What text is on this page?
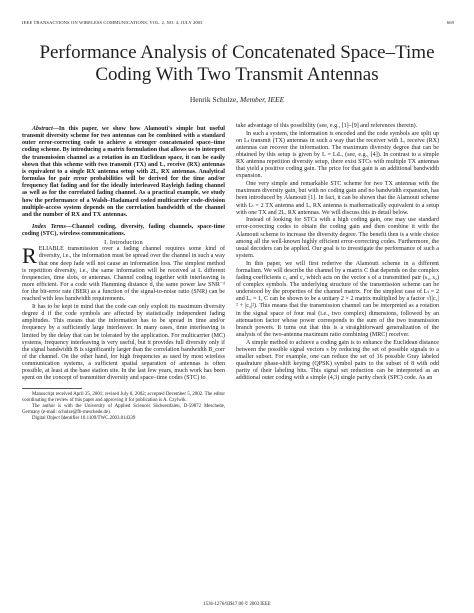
IEEE TRANSACTIONS ON WIRELESS COMMUNICATIONS, VOL. 2, NO. 4, JULY 2003	669
Performance Analysis of Concatenated Space–Time
Coding With Two Transmit Antennas
Henrik Schulze, Member, IEEE

Abstract—In this paper, we show how Alamouti's simple but useful transmit diversity scheme for two antennas can be combined with a standard outer error-correcting code to achieve a stronger concatenated space–time coding scheme. By introducing a matrix formulation that allows us to interpret the transmission channel as a rotation in an Euclidean space, it can be easily shown that this scheme with two transmit (TX) and Lᵣ receive (RX) antennas is equivalent to a single RX antenna setup with 2Lᵣ RX antennas. Analytical formulas for pair error probabilities will be derived for the time and/or frequency flat fading and for the ideally interleaved Rayleigh fading channel as well as for the correlated fading channel. As a practical example, we study how the performance of a Walsh–Hadamard coded multicarrier code-division multiple-access system depends on the correlation bandwidth of the channel and the number of RX and TX antennas.

Index Terms—Channel coding, diversity, fading channels, space-time coding (STC), wireless communications.

I. Introduction

RELIABLE transmission over a fading channel requires some kind of diversity, i.e., the information must be spread over the channel in such a way that one deep fade will not cause an information loss. The simplest method is repetition diversity, i.e., the same information will be received at L different frequencies, time slots, or antennas. Channel coding together with interleaving is more efficient. For a code with Hamming distance d, the same power law SNR⁻ᵈ for the bit-error rate (BER) as a function of the signal-to-noise ratio (SNR) can be reached with less bandwidth requirements.

It has to be kept in mind that the code can only exploit its maximum diversity degree d if the code symbols are affected by statistically independent fading amplitudes. This means that the information has to be spread in time and/or frequency by a sufficiently large interleaver. In many cases, time interleaving is limited by the delay that can be tolerated by the application. For multicarrier (MC) systems, frequency interleaving is very useful, but it provides full diversity only if the signal bandwidth B is significantly larger than the correlation bandwidth B_corr of the channel. On the other hand, for high frequencies as used by most wireless communication systems, a sufficient spatial separation of antennas is often possible, at least at the base station site. In the last few years, much work has been spent on the concept of transmitter diversity and space–time codes (STC) to

Manuscript received April 25, 2001; revised July 8, 2002; accepted December 5, 2002. The editor coordinating the review of this paper and approving it for publication is A. Czylwik.

The author is with the University of Applied Sciences Südwestfalen, D-59872 Meschede, Germany (e-mail: schulze@fh-meschede.de).

Digital Object Identifier 10.1109/TWC.2003.814339

take advantage of this possibility (see, e.g., [1]–[9] and references therein).

In such a system, the information is encoded and the code symbols are split up on Lₜ transmit (TX) antennas in such a way that the receiver with Lᵣ receive (RX) antennas can recover the information. The maximum diversity degree that can be obtained by this setup is given by L = LₜLᵣ (see, e.g., [4]). In contrast to a simple RX antenna repetition diversity setup, there exist STCs with multiple TX antennas that yield a positive coding gain. The price for that gain is an additional bandwidth expansion.

One very simple and remarkable STC scheme for two TX antennas with the maximum diversity gain, but with no coding gain and no bandwidth expansion, has been introduced by Alamouti [1]. In fact, it can be shown that the Alamouti scheme with Lₜ = 2 TX antenna and Lᵣ RX antenna is mathematically equivalent to a setup with one TX and 2Lᵣ RX antennas. We will discuss this in detail below.

Instead of looking for STCs with a high coding gain, one may use standard error-correcting codes to obtain the coding gain and then combine it with the Alamouti scheme to increase the diversity degree. The benefit then is a wide choice among all the well-known highly efficient error-correcting codes. Furthermore, the usual decoders can be applied. Our goal is to investigate the performance of such a system.

In this paper, we will first rederive the Alamouti scheme in a different formalism. We will describe the channel by a matrix C that depends on the complex fading coefficients c₁ and c₂ which acts on the vector s of a transmitted pair (s₁, s₂) of complex symbols. The underlying structure of the transmission scheme can be understood by the properties of the channel matrix. For the simplest case of Lₜ = 2 and Lᵣ = 1, C can be shown to be a unitary 2 × 2 matrix multiplied by a factor √(|c₁|² + |c₂|²). This means that the transmission channel can be interpreted as a rotation in the signal space of four real (i.e., two complex) dimensions, followed by an attenuation factor whose power corresponds to the sum of the two transmission branch powers. It turns out that this is a straightforward generalization of the analysis of the two-antenna maximum ratio combining (MRC) receiver.

A simple method to achieve a coding gain is to enhance the Euclidean distance between the possible signal vectors s by reducing the set of possible signals to a smaller subset. For example, one can reduce the set of 16 possible Gray labeled quadrature phase-shift keying (QPSK) symbol pairs to the subset of 8 with odd parity of their labeling bits. This signal set reduction can be interpreted as an additional outer coding with a simple (4,3) single parity check (SPC) code. As an

1536-1276/03$17.00 © 2003 IEEE
